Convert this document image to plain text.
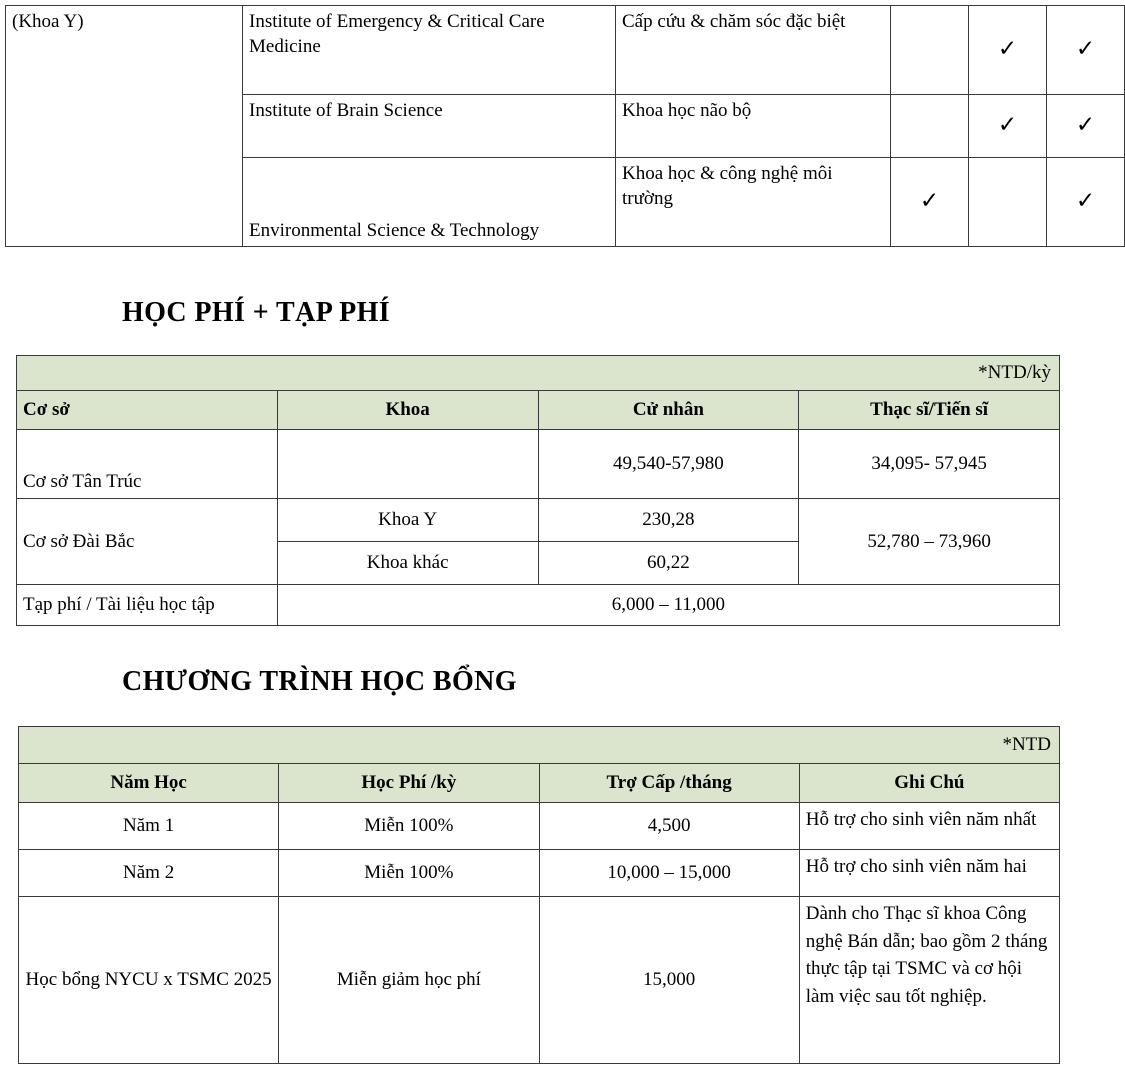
(Khoa Y)	Institute of Emergency & Critical Care Medicine	Cấp cứu & chăm sóc đặc biệt		✓	✓
	Institute of Brain Science	Khoa học não bộ		✓	✓
	Environmental Science & Technology	Khoa học & công nghệ môi trường	✓		✓
HỌC PHÍ + TẠP PHÍ
*NTD/kỳ			
Cơ sở	Khoa	Cử nhân	Thạc sĩ/Tiến sĩ
Cơ sở Tân Trúc		49,540-57,980	34,095- 57,945
Cơ sở Đài Bắc	Khoa Y	230,28	52,780 – 73,960
	Khoa khác	60,22	
Tạp phí / Tài liệu học tập	6,000 – 11,000		
CHƯƠNG TRÌNH HỌC BỔNG
*NTD			
Năm Học	Học Phí /kỳ	Trợ Cấp /tháng	Ghi Chú
Năm 1	Miễn 100%	4,500	Hỗ trợ cho sinh viên năm nhất
Năm 2	Miễn 100%	10,000 – 15,000	Hỗ trợ cho sinh viên năm hai
Học bổng NYCU x TSMC 2025	Miễn giảm học phí	15,000	Dành cho Thạc sĩ khoa Công nghệ Bán dẫn; bao gồm 2 tháng thực tập tại TSMC và cơ hội làm việc sau tốt nghiệp.
